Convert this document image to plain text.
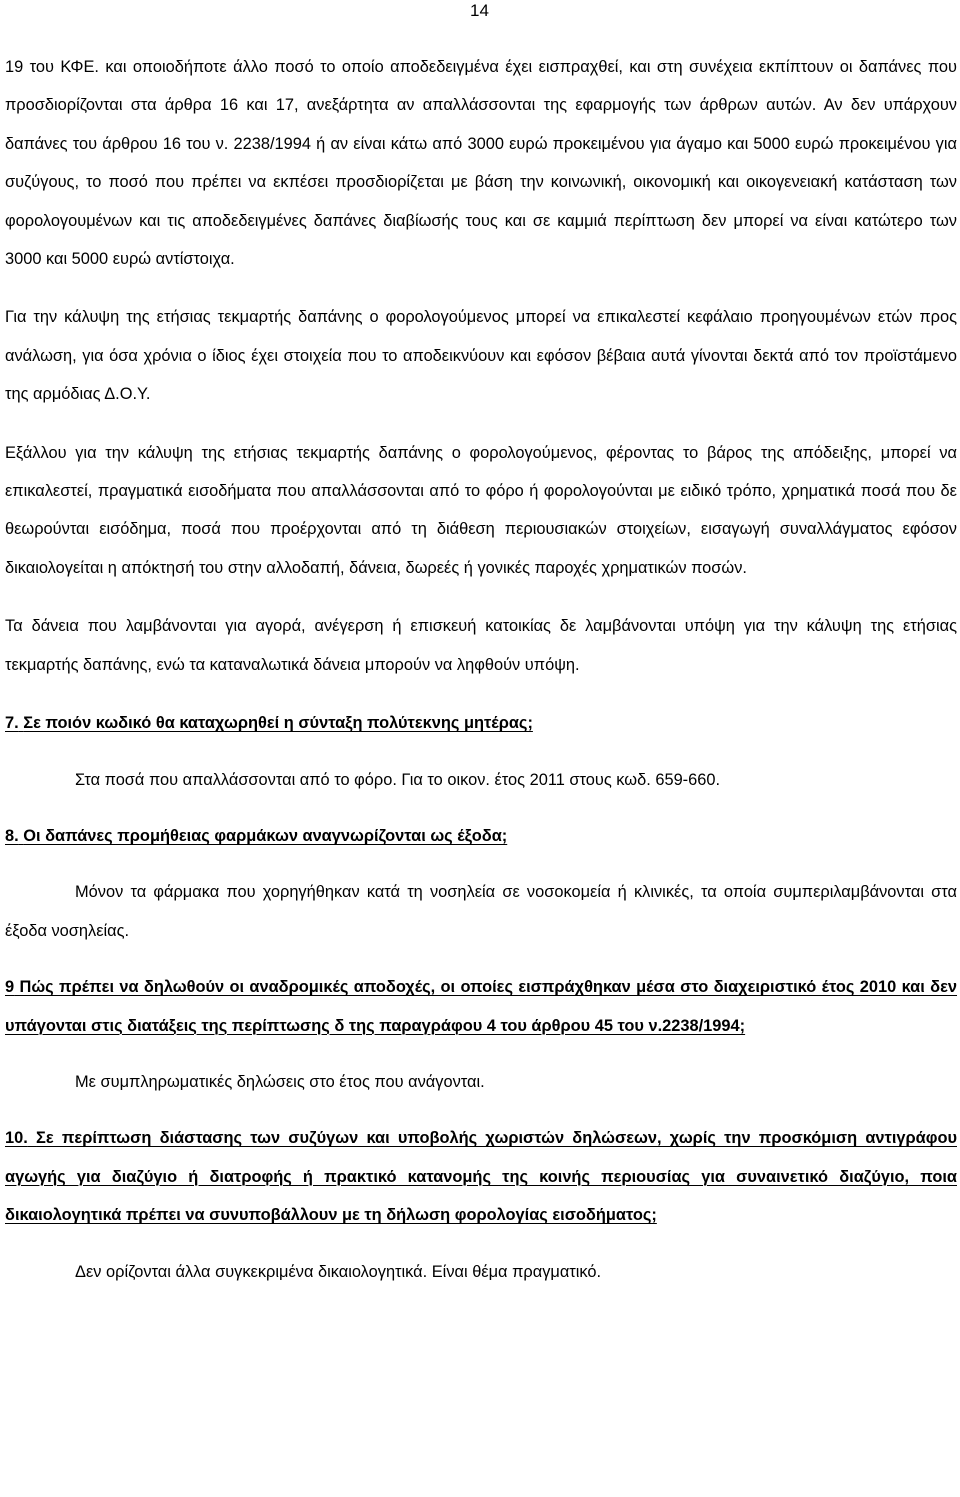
14

19 του ΚΦΕ. και οποιοδήποτε άλλο ποσό το οποίο αποδεδειγμένα έχει εισπραχθεί, και στη συνέχεια εκπίπτουν οι δαπάνες που προσδιορίζονται στα άρθρα 16 και 17, ανεξάρτητα αν απαλλάσσονται της εφαρμογής των άρθρων αυτών. Αν δεν υπάρχουν δαπάνες του άρθρου 16 του ν. 2238/1994 ή αν είναι κάτω από 3000 ευρώ προκειμένου για άγαμο και 5000 ευρώ προκειμένου για συζύγους, το ποσό που πρέπει να εκπέσει προσδιορίζεται με βάση την κοινωνική, οικονομική και οικογενειακή κατάσταση των φορολογουμένων και τις αποδεδειγμένες δαπάνες διαβίωσής τους και σε καμμιά περίπτωση δεν μπορεί να είναι κατώτερο των 3000 και 5000 ευρώ αντίστοιχα.

Για την κάλυψη της ετήσιας τεκμαρτής δαπάνης ο φορολογούμενος μπορεί να επικαλεστεί κεφάλαιο προηγουμένων ετών προς ανάλωση, για όσα χρόνια ο ίδιος έχει στοιχεία που το αποδεικνύουν και εφόσον βέβαια αυτά γίνονται δεκτά από τον προϊστάμενο της αρμόδιας Δ.Ο.Υ.

Εξάλλου για την κάλυψη της ετήσιας τεκμαρτής δαπάνης ο φορολογούμενος, φέροντας το βάρος της απόδειξης, μπορεί να επικαλεστεί, πραγματικά εισοδήματα που απαλλάσσονται από το φόρο ή φορολογούνται με ειδικό τρόπο, χρηματικά ποσά που δε θεωρούνται εισόδημα, ποσά που προέρχονται από τη διάθεση περιουσιακών στοιχείων, εισαγωγή συναλλάγματος εφόσον δικαιολογείται η απόκτησή του στην αλλοδαπή, δάνεια, δωρεές ή γονικές παροχές χρηματικών ποσών.

Τα δάνεια που λαμβάνονται για αγορά, ανέγερση ή επισκευή κατοικίας δε λαμβάνονται υπόψη για την κάλυψη της ετήσιας τεκμαρτής δαπάνης, ενώ τα καταναλωτικά δάνεια μπορούν να ληφθούν υπόψη.

7. Σε ποιόν κωδικό θα καταχωρηθεί η σύνταξη πολύτεκνης μητέρας;

Στα ποσά που απαλλάσσονται από το φόρο. Για το οικον. έτος 2011 στους κωδ. 659-660.

8. Οι δαπάνες προμήθειας φαρμάκων αναγνωρίζονται ως έξοδα;

Μόνον τα φάρμακα που χορηγήθηκαν κατά τη νοσηλεία σε νοσοκομεία ή κλινικές, τα οποία συμπεριλαμβάνονται στα έξοδα νοσηλείας.

9 Πώς πρέπει να δηλωθούν οι αναδρομικές αποδοχές, οι οποίες εισπράχθηκαν μέσα στο διαχειριστικό έτος 2010 και δεν υπάγονται στις διατάξεις της περίπτωσης δ της παραγράφου 4 του άρθρου 45 του ν.2238/1994;

Με συμπληρωματικές δηλώσεις στο έτος που ανάγονται.

10. Σε περίπτωση διάστασης των συζύγων και υποβολής χωριστών δηλώσεων, χωρίς την προσκόμιση αντιγράφου αγωγής για διαζύγιο ή διατροφής ή πρακτικό κατανομής της κοινής περιουσίας για συναινετικό διαζύγιο, ποια δικαιολογητικά πρέπει να συνυποβάλλουν με τη δήλωση φορολογίας εισοδήματος;

Δεν ορίζονται άλλα συγκεκριμένα δικαιολογητικά. Είναι θέμα πραγματικό.
